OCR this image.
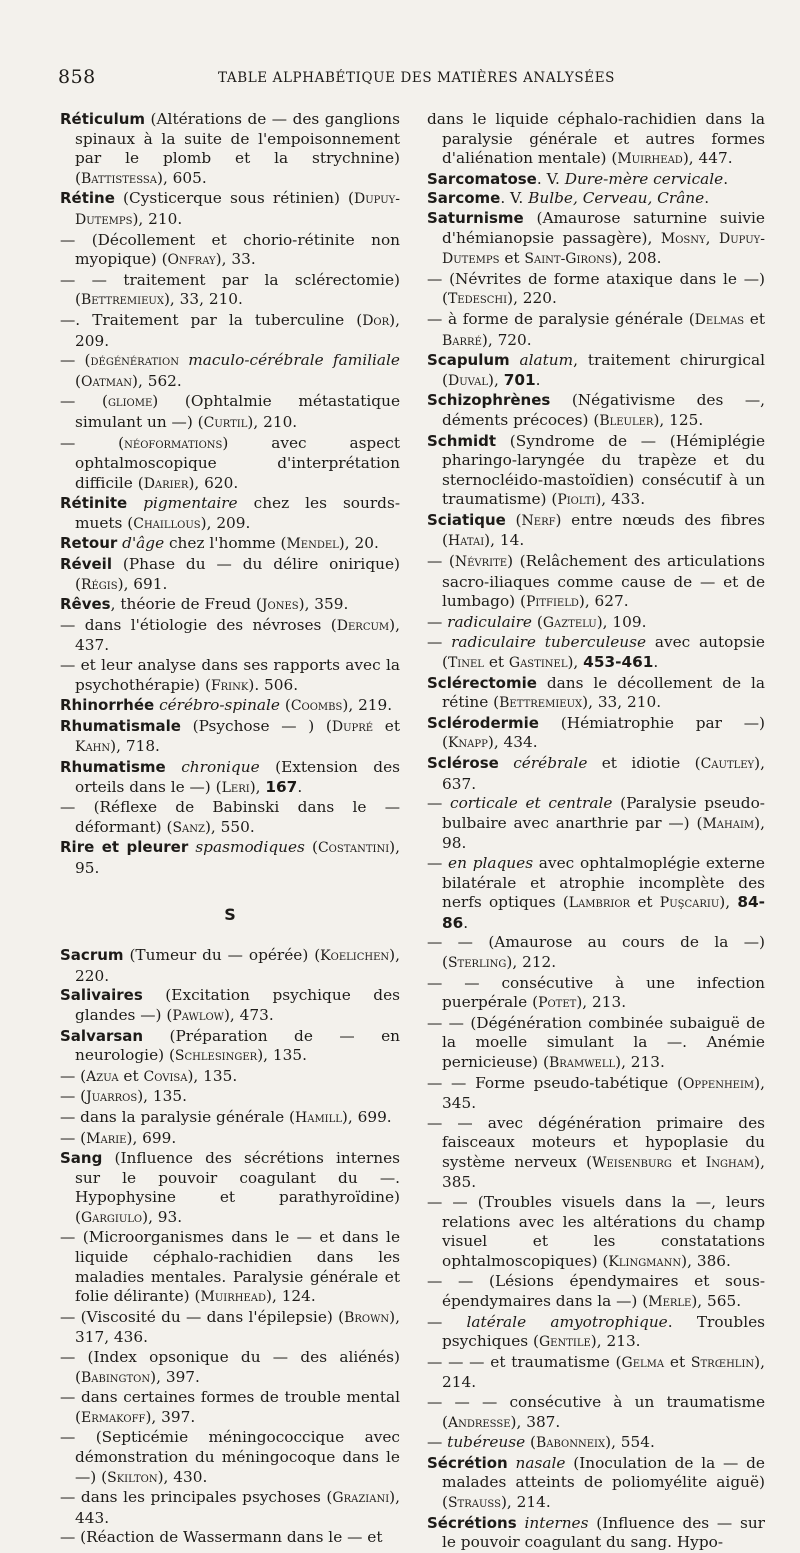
858	TABLE ALPHABÉTIQUE DES MATIÈRES ANALYSÉES

Réticulum (Altérations de — des ganglions spinaux à la suite de l'empoisonnement par le plomb et la strychnine) (Battistessa), 605.

Rétine (Cysticerque sous rétinien) (Dupuy-Dutemps), 210.

— (Décollement et chorio-rétinite non myopique) (Onfray), 33.

— — traitement par la sclérectomie) (Bettremieux), 33, 210.

—. Traitement par la tuberculine (Dor), 209.

— (dégénération maculo-cérébrale familiale (Oatman), 562.

— (gliome) (Ophtalmie métastatique simulant un —) (Curtil), 210.

— (néoformations) avec aspect ophtalmoscopique d'interprétation difficile (Darier), 620.

Rétinite pigmentaire chez les sourds-muets (Chaillous), 209.

Retour d'âge chez l'homme (Mendel), 20.

Réveil (Phase du — du délire onirique) (Régis), 691.

Rêves, théorie de Freud (Jones), 359.

— dans l'étiologie des névroses (Dercum), 437.

— et leur analyse dans ses rapports avec la psychothérapie) (Frink). 506.

Rhinorrhée cérébro-spinale (Coombs), 219.

Rhumatismale (Psychose — ) (Dupré et Kahn), 718.

Rhumatisme chronique (Extension des orteils dans le —) (Leri), 167.

— (Réflexe de Babinski dans le — déformant) (Sanz), 550.

Rire et pleurer spasmodiques (Costantini), 95.

S

Sacrum (Tumeur du — opérée) (Koelichen), 220.

Salivaires (Excitation psychique des glandes —) (Pawlow), 473.

Salvarsan (Préparation de — en neurologie) (Schlesinger), 135.

— (Azua et Covisa), 135.

— (Juarros), 135.

— dans la paralysie générale (Hamill), 699.

— (Marie), 699.

Sang (Influence des sécrétions internes sur le pouvoir coagulant du —. Hypophysine et parathyroïdine) (Gargiulo), 93.

— (Microorganismes dans le — et dans le liquide céphalo-rachidien dans les maladies mentales. Paralysie générale et folie délirante) (Muirhead), 124.

— (Viscosité du — dans l'épilepsie) (Brown), 317, 436.

— (Index opsonique du — des aliénés) (Babington), 397.

— dans certaines formes de trouble mental (Ermakoff), 397.

— (Septicémie méningococcique avec démonstration du méningocoque dans le —) (Skilton), 430.

— dans les principales psychoses (Graziani), 443.

— (Réaction de Wassermann dans le — et

dans le liquide céphalo-rachidien dans la paralysie générale et autres formes d'aliénation mentale) (Muirhead), 447.

Sarcomatose. V. Dure-mère cervicale.

Sarcome. V. Bulbe, Cerveau, Crâne.

Saturnisme (Amaurose saturnine suivie d'hémianopsie passagère), Mosny, Dupuy-Dutemps et Saint-Girons), 208.

— (Névrites de forme ataxique dans le —) (Tedeschi), 220.

— à forme de paralysie générale (Delmas et Barré), 720.

Scapulum alatum, traitement chirurgical (Duval), 701.

Schizophrènes (Négativisme des —, déments précoces) (Bleuler), 125.

Schmidt (Syndrome de — (Hémiplégie pharingo-laryngée du trapèze et du sternocléido-mastoïdien) consécutif à un traumatisme) (Piolti), 433.

Sciatique (Nerf) entre nœuds des fibres (Hatai), 14.

— (Névrite) (Relâchement des articulations sacro-iliaques comme cause de — et de lumbago) (Pitfield), 627.

— radiculaire (Gaztelu), 109.

— radiculaire tuberculeuse avec autopsie (Tinel et Gastinel), 453-461.

Sclérectomie dans le décollement de la rétine (Bettremieux), 33, 210.

Sclérodermie (Hémiatrophie par —) (Knapp), 434.

Sclérose cérébrale et idiotie (Cautley), 637.

— corticale et centrale (Paralysie pseudo-bulbaire avec anarthrie par —) (Mahaim), 98.

— en plaques avec ophtalmoplégie externe bilatérale et atrophie incomplète des nerfs optiques (Lambrior et Puşcariu), 84-86.

— — (Amaurose au cours de la —) (Sterling), 212.

— — consécutive à une infection puerpérale (Potet), 213.

— — (Dégénération combinée subaiguë de la moelle simulant la —. Anémie pernicieuse) (Bramwell), 213.

— — Forme pseudo-tabétique (Oppenheim), 345.

— — avec dégénération primaire des faisceaux moteurs et hypoplasie du système nerveux (Weisenburg et Ingham), 385.

— — (Troubles visuels dans la —, leurs relations avec les altérations du champ visuel et les constatations ophtalmoscopiques) (Klingmann), 386.

— — (Lésions épendymaires et sous-épendymaires dans la —) (Merle), 565.

— latérale amyotrophique. Troubles psychiques (Gentile), 213.

— — — et traumatisme (Gelma et Strœhlin), 214.

— — — consécutive à un traumatisme (Andresse), 387.

— tubéreuse (Babonneix), 554.

Sécrétion nasale (Inoculation de la — de malades atteints de poliomyélite aiguë) (Strauss), 214.

Sécrétions internes (Influence des — sur le pouvoir coagulant du sang. Hypo-
